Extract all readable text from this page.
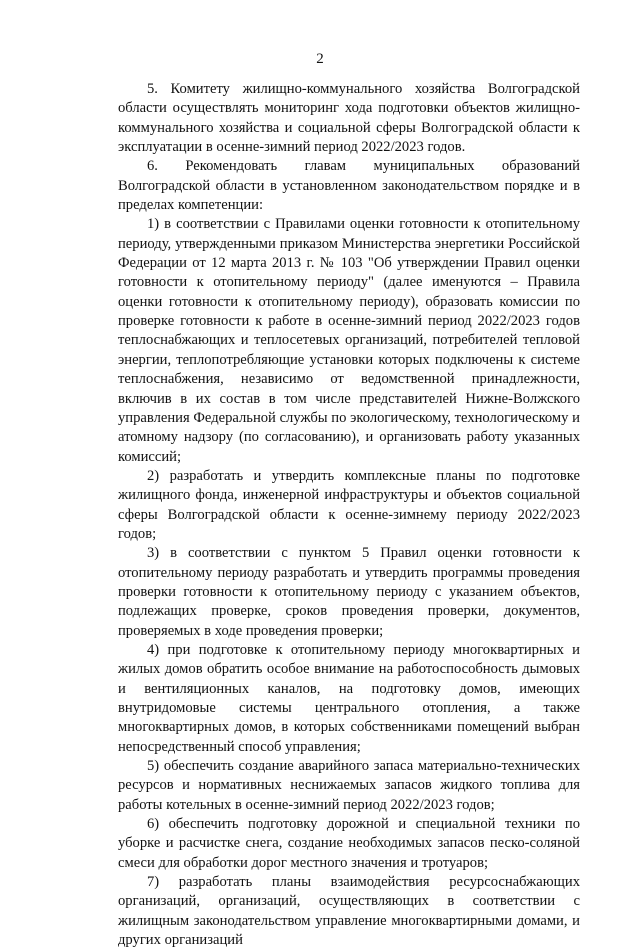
2

5. Комитету жилищно-коммунального хозяйства Волгоградской области осуществлять мониторинг хода подготовки объектов жилищно-коммунального хозяйства и социальной сферы Волгоградской области к эксплуатации в осенне-зимний период 2022/2023 годов.

6. Рекомендовать главам муниципальных образований Волгоградской области в установленном законодательством порядке и в пределах компетенции:

1) в соответствии с Правилами оценки готовности к отопительному периоду, утвержденными приказом Министерства энергетики Российской Федерации от 12 марта 2013 г. № 103 "Об утверждении Правил оценки готовности к отопительному периоду" (далее именуются – Правила оценки готовности к отопительному периоду), образовать комиссии по проверке готовности к работе в осенне-зимний период 2022/2023 годов теплоснабжающих и теплосетевых организаций, потребителей тепловой энергии, теплопотребляющие установки которых подключены к системе теплоснабжения, независимо от ведомственной принадлежности, включив в их состав в том числе представителей Нижне-Волжского управления Федеральной службы по экологическому, технологическому и атомному надзору (по согласованию), и организовать работу указанных комиссий;

2) разработать и утвердить комплексные планы по подготовке жилищного фонда, инженерной инфраструктуры и объектов социальной сферы Волгоградской области к осенне-зимнему периоду 2022/2023 годов;

3) в соответствии с пунктом 5 Правил оценки готовности к отопительному периоду разработать и утвердить программы проведения проверки готовности к отопительному периоду с указанием объектов, подлежащих проверке, сроков проведения проверки, документов, проверяемых в ходе проведения проверки;

4) при подготовке к отопительному периоду многоквартирных и жилых домов обратить особое внимание на работоспособность дымовых и вентиляционных каналов, на подготовку домов, имеющих внутридомовые системы центрального отопления, а также многоквартирных домов, в которых собственниками помещений выбран непосредственный способ управления;

5) обеспечить создание аварийного запаса материально-технических ресурсов и нормативных неснижаемых запасов жидкого топлива для работы котельных в осенне-зимний период 2022/2023 годов;

6) обеспечить подготовку дорожной и специальной техники по уборке и расчистке снега, создание необходимых запасов песко-соляной смеси для обработки дорог местного значения и тротуаров;

7) разработать планы взаимодействия ресурсоснабжающих организаций, организаций, осуществляющих в соответствии с жилищным законодательством управление многоквартирными домами, и других организаций
